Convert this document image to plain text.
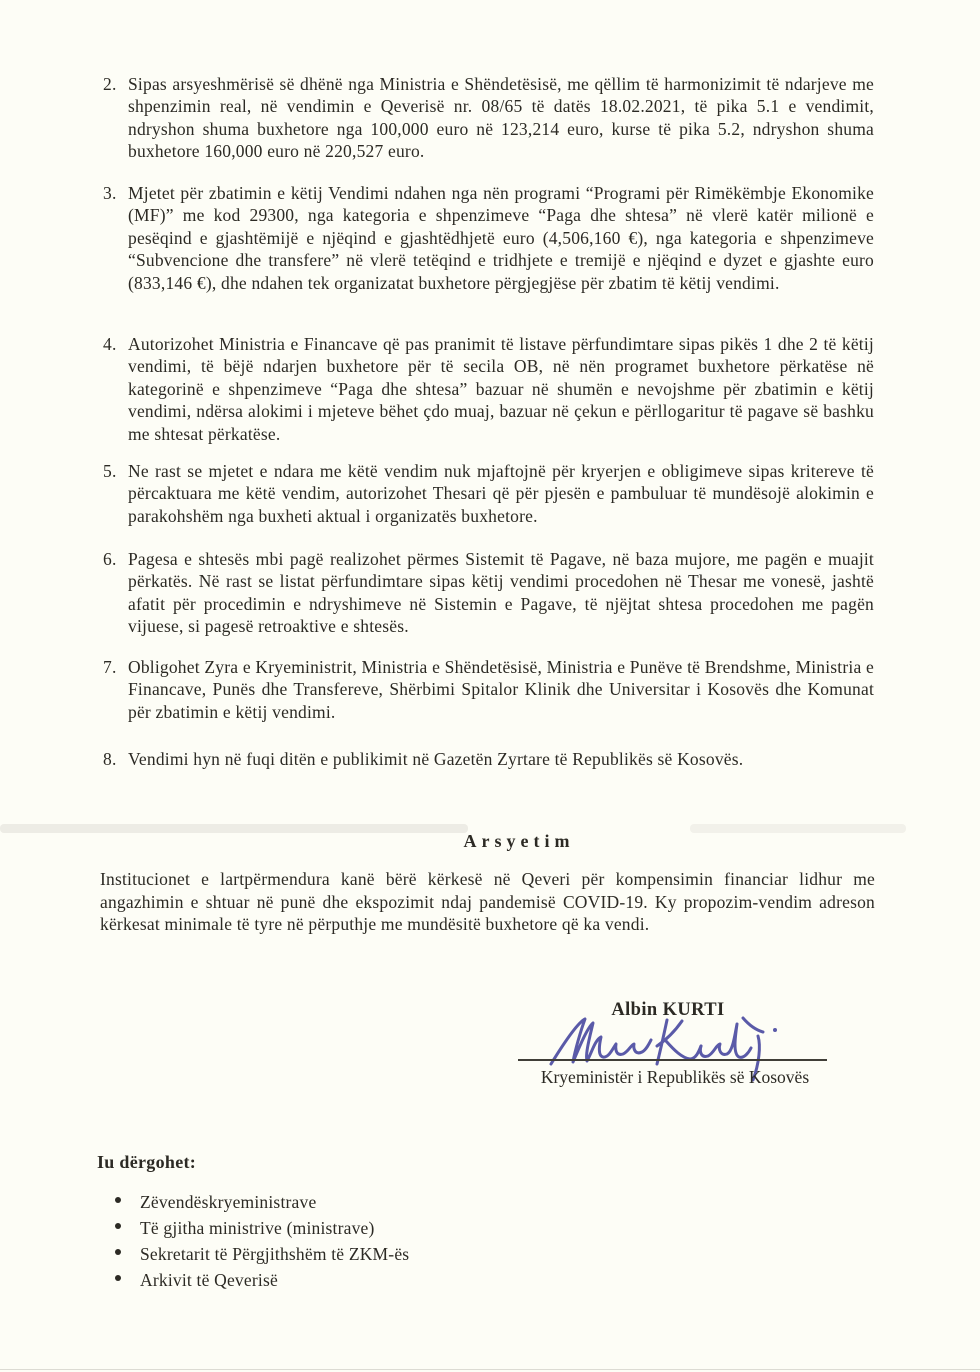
2. Sipas arsyeshmërisë së dhënë nga Ministria e Shëndetësisë, me qëllim të harmonizimit të ndarjeve me shpenzimin real, në vendimin e Qeverisë nr. 08/65 të datës 18.02.2021, të pika 5.1 e vendimit, ndryshon shuma buxhetore nga 100,000 euro në 123,214 euro, kurse të pika 5.2, ndryshon shuma buxhetore 160,000 euro në 220,527 euro.
3. Mjetet për zbatimin e këtij Vendimi ndahen nga nën programi “Programi për Rimëkëmbje Ekonomike (MF)” me kod 29300, nga kategoria e shpenzimeve “Paga dhe shtesa” në vlerë katër milionë e pesëqind e gjashtëmijë e njëqind e gjashtëdhjetë euro (4,506,160 €), nga kategoria e shpenzimeve “Subvencione dhe transfere” në vlerë tetëqind e tridhjete e tremijë e njëqind e dyzet e gjashte euro (833,146 €), dhe ndahen tek organizatat buxhetore përgjegjëse për zbatim të këtij vendimi.
4. Autorizohet Ministria e Financave që pas pranimit të listave përfundimtare sipas pikës 1 dhe 2 të këtij vendimi, të bëjë ndarjen buxhetore për të secila OB, në nën programet buxhetore përkatëse në kategorinë e shpenzimeve “Paga dhe shtesa” bazuar në shumën e nevojshme për zbatimin e këtij vendimi, ndërsa alokimi i mjeteve bëhet çdo muaj, bazuar në çekun e përllogaritur të pagave së bashku me shtesat përkatëse.
5. Ne rast se mjetet e ndara me këtë vendim nuk mjaftojnë për kryerjen e obligimeve sipas kritereve të përcaktuara me këtë vendim, autorizohet Thesari që për pjesën e pambuluar të mundësojë alokimin e parakohshëm nga buxheti aktual i organizatës buxhetore.
6. Pagesa e shtesës mbi pagë realizohet përmes Sistemit të Pagave, në baza mujore, me pagën e muajit përkatës. Në rast se listat përfundimtare sipas këtij vendimi procedohen në Thesar me vonesë, jashtë afatit për procedimin e ndryshimeve në Sistemin e Pagave, të njëjtat shtesa procedohen me pagën vijuese, si pagesë retroaktive e shtesës.
7. Obligohet Zyra e Kryeministrit, Ministria e Shëndetësisë, Ministria e Punëve të Brendshme, Ministria e Financave, Punës dhe Transfereve, Shërbimi Spitalor Klinik dhe Universitar i Kosovës dhe Komunat për zbatimin e këtij vendimi.
8. Vendimi hyn në fuqi ditën e publikimit në Gazetën Zyrtare të Republikës së Kosovës.
Arsyetim
Institucionet e lartpërmendura kanë bërë kërkesë në Qeveri për kompensimin financiar lidhur me angazhimin e shtuar në punë dhe ekspozimit ndaj pandemisë COVID-19. Ky propozim-vendim adreson kërkesat minimale të tyre në përputhje me mundësitë buxhetore që ka vendi.
Albin KURTI
Kryeministër i Republikës së Kosovës
Iu dërgohet:
Zëvendëskryeministrave
Të gjitha ministrive (ministrave)
Sekretarit të Përgjithshëm të ZKM-ës
Arkivit të Qeverisë
